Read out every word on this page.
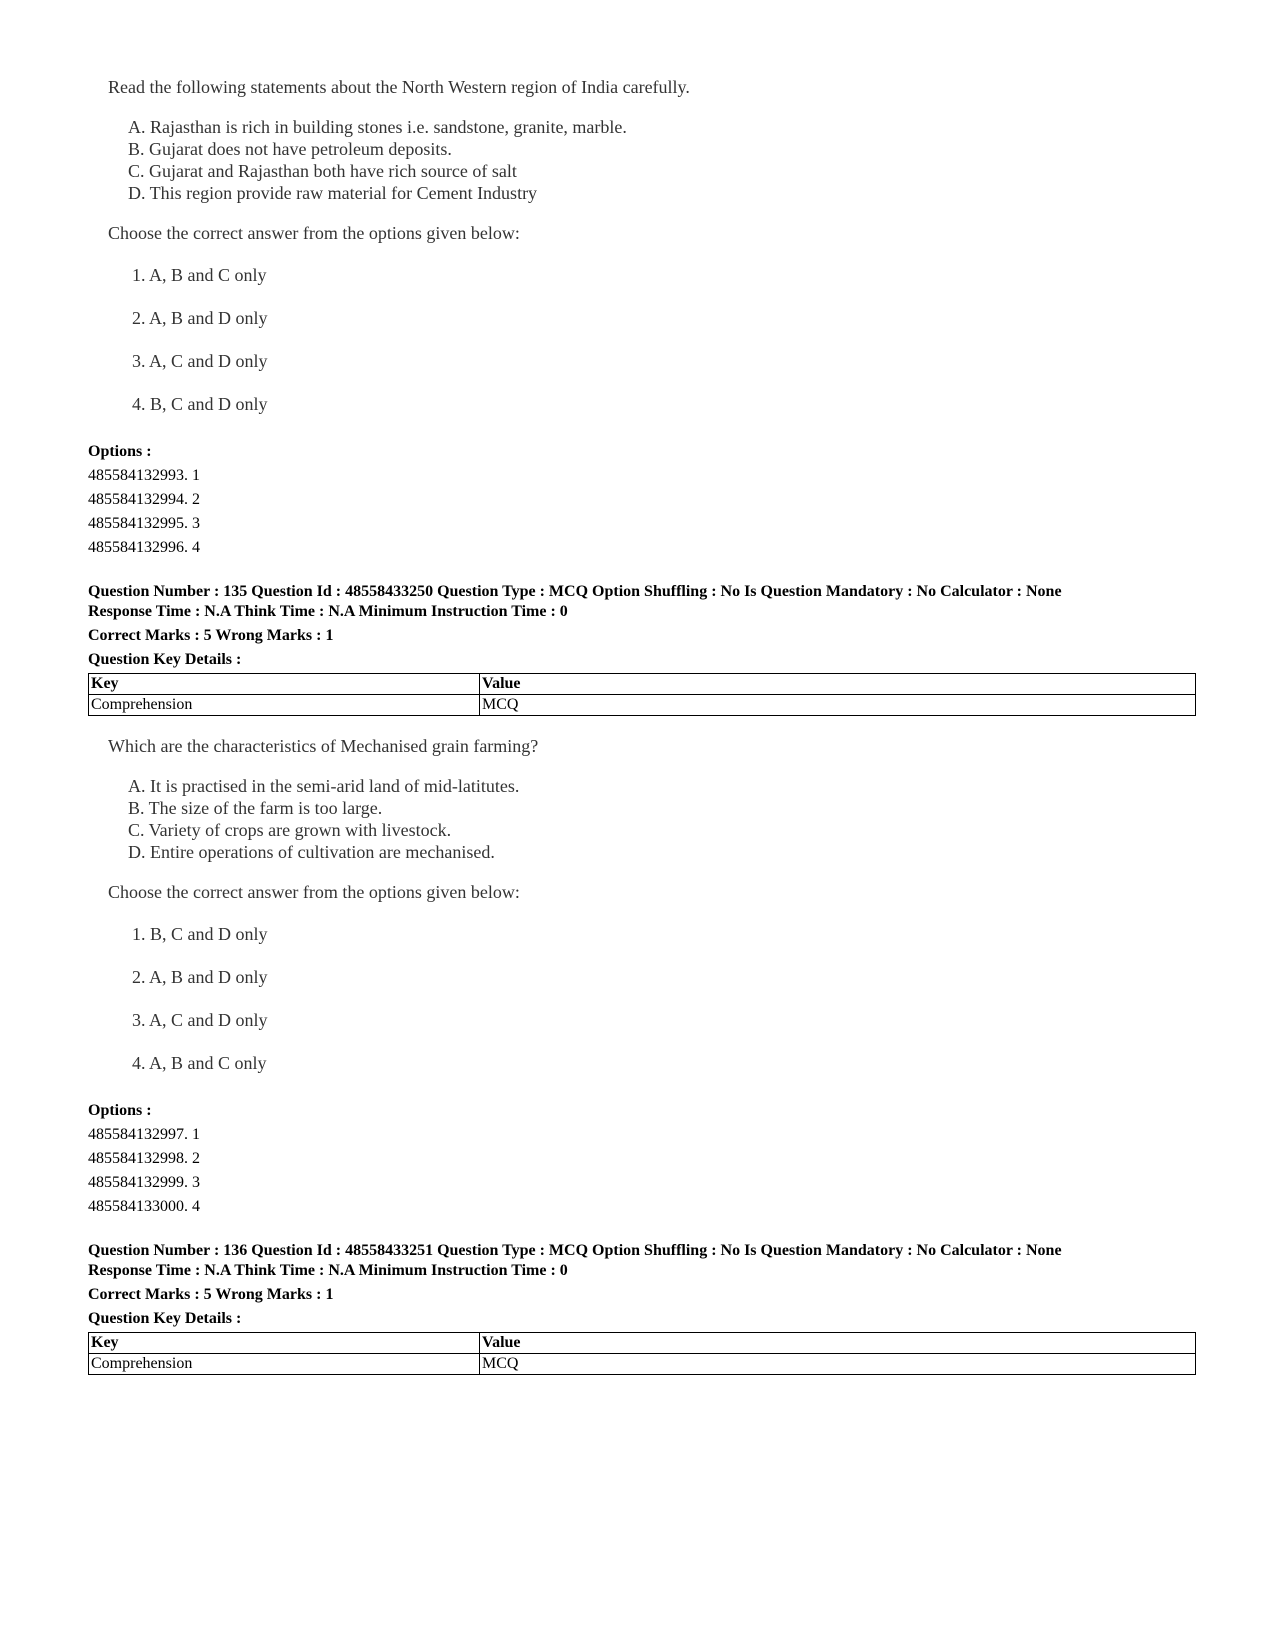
Read the following statements about the North Western region of India carefully.

A. Rajasthan is rich in building stones i.e. sandstone, granite, marble.
B. Gujarat does not have petroleum deposits.
C. Gujarat and Rajasthan both have rich source of salt
D. This region provide raw material for Cement Industry

Choose the correct answer from the options given below:

1. A, B and C only
2. A, B and D only
3. A, C and D only
4. B, C and D only
Options :

485584132993. 1

485584132994. 2

485584132995. 3

485584132996. 4

Question Number : 135 Question Id : 48558433250 Question Type : MCQ Option Shuffling : No Is Question Mandatory : No Calculator : None
Response Time : N.A Think Time : N.A Minimum Instruction Time : 0
Correct Marks : 5 Wrong Marks : 1
Question Key Details :
Key	Value
Comprehension	MCQ

Which are the characteristics of Mechanised grain farming?

A. It is practised in the semi-arid land of mid-latitutes.
B. The size of the farm is too large.
C. Variety of crops are grown with livestock.
D. Entire operations of cultivation are mechanised.

Choose the correct answer from the options given below:

1. B, C and D only
2. A, B and D only
3. A, C and D only
4. A, B and C only
Options :

485584132997. 1

485584132998. 2

485584132999. 3

485584133000. 4

Question Number : 136 Question Id : 48558433251 Question Type : MCQ Option Shuffling : No Is Question Mandatory : No Calculator : None
Response Time : N.A Think Time : N.A Minimum Instruction Time : 0
Correct Marks : 5 Wrong Marks : 1
Question Key Details :
Key	Value
Comprehension	MCQ
